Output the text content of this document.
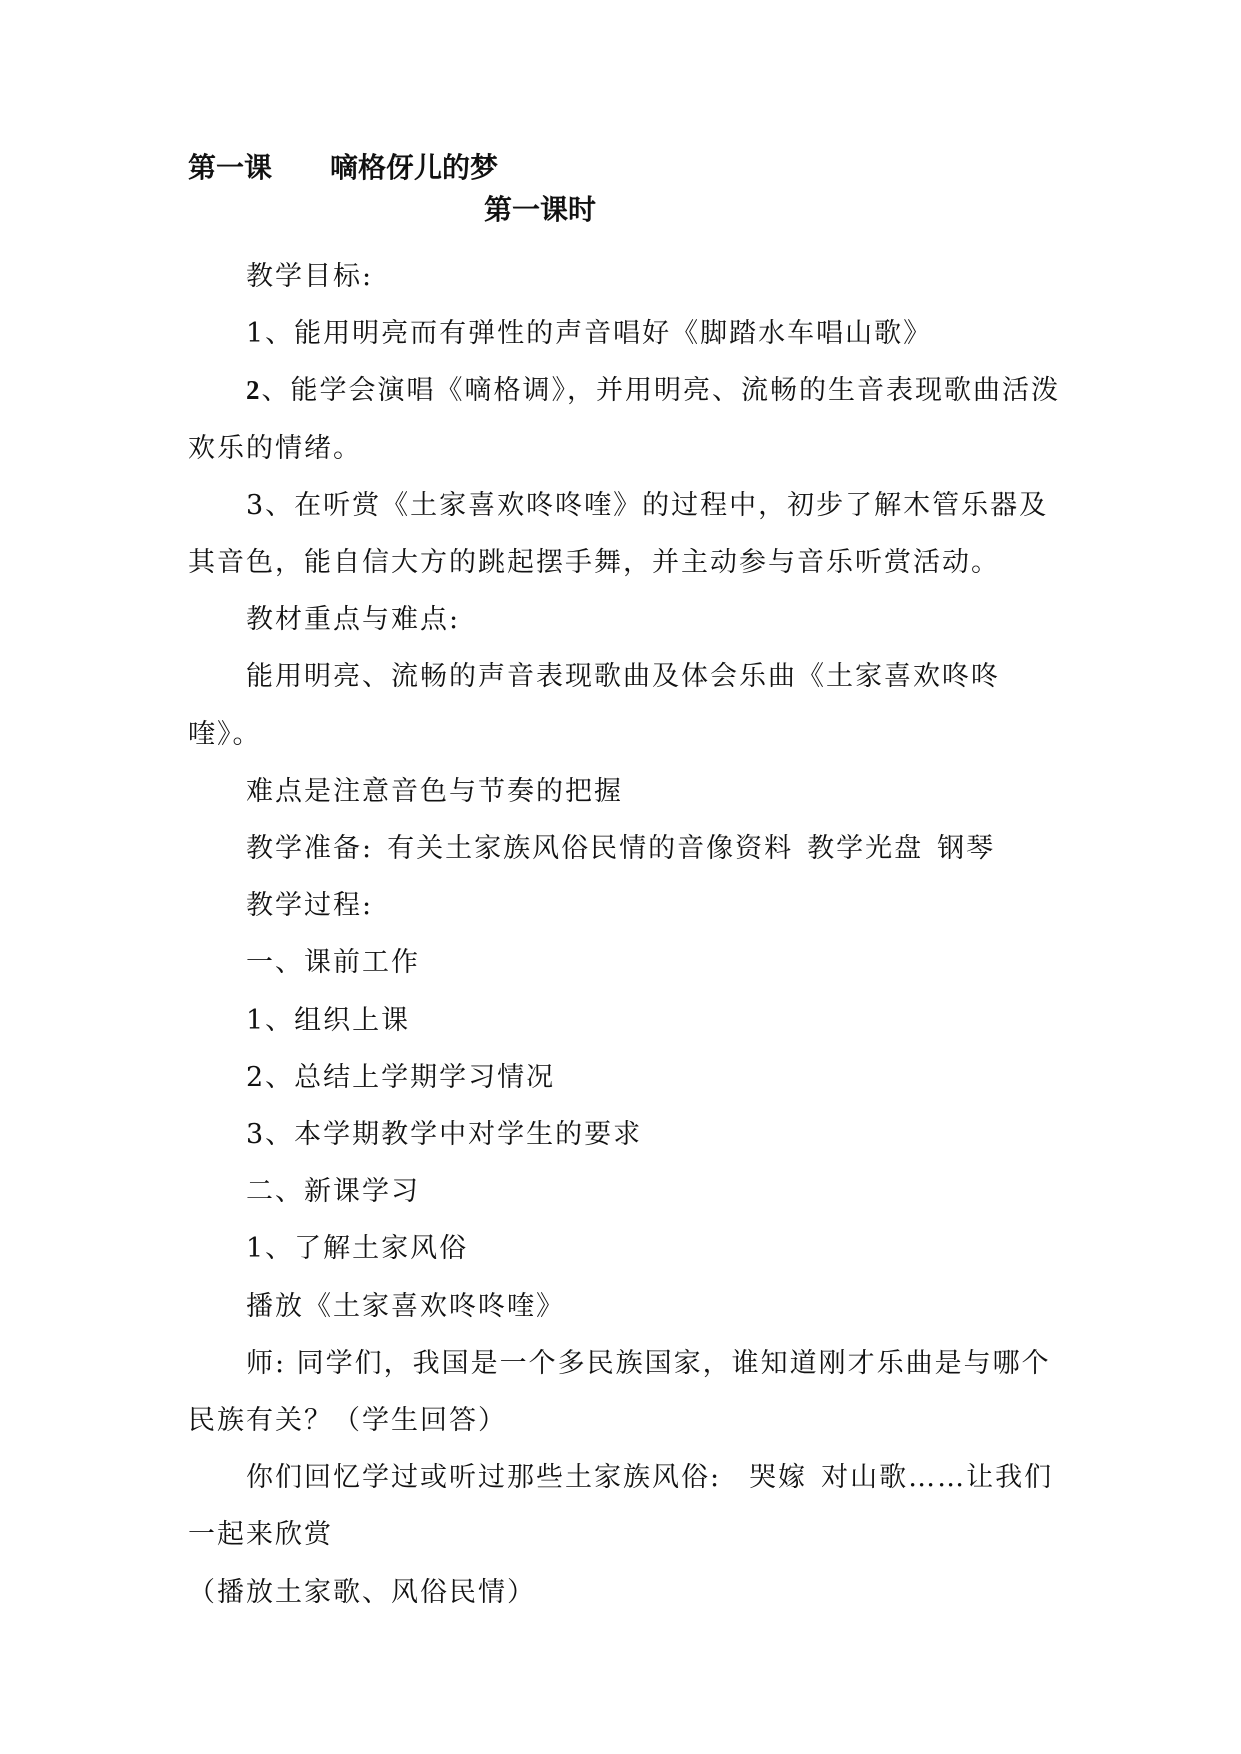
第一课 嘀格伢儿的梦
第一课时

教学目标:

1、能用明亮而有弹性的声音唱好《脚踏水车唱山歌》

2、能学会演唱《嘀格调》，并用明亮、流畅的生音表现歌曲活泼欢乐的情绪。

3、在听赏《土家喜欢咚咚喹》的过程中，初步了解木管乐器及其音色，能自信大方的跳起摆手舞，并主动参与音乐听赏活动。

教材重点与难点:

能用明亮、流畅的声音表现歌曲及体会乐曲《土家喜欢咚咚喹》。

难点是注意音色与节奏的把握

教学准备: 有关土家族风俗民情的音像资料 教学光盘 钢琴

教学过程:

一、课前工作

1、组织上课

2、总结上学期学习情况

3、本学期教学中对学生的要求

二、新课学习

1、了解土家风俗

播放《土家喜欢咚咚喹》

师: 同学们，我国是一个多民族国家，谁知道刚才乐曲是与哪个民族有关？（学生回答）

你们回忆学过或听过那些土家族风俗: 哭嫁 对山歌……让我们一起来欣赏

（播放土家歌、风俗民情）
